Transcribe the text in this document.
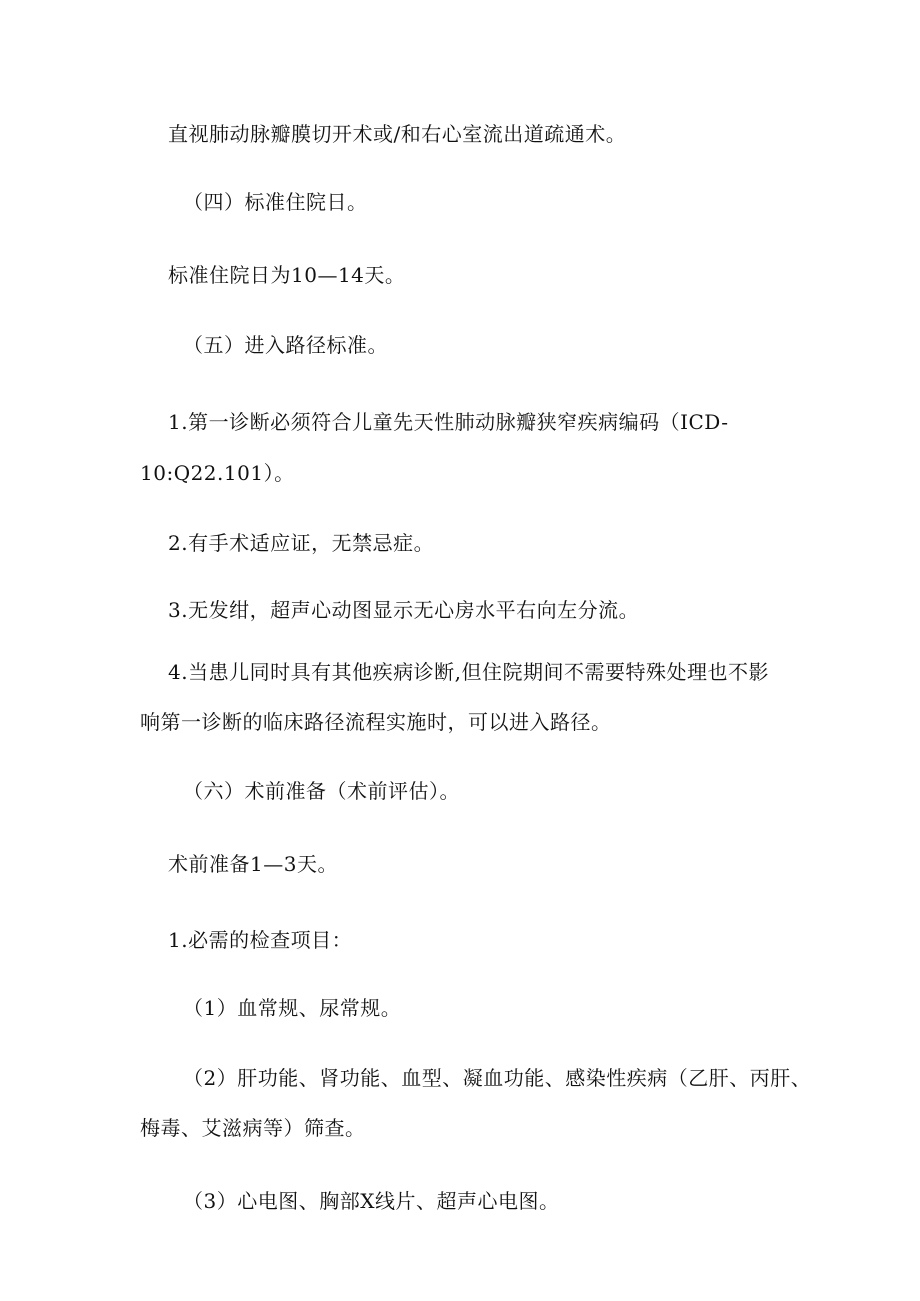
直视肺动脉瓣膜切开术或/和右心室流出道疏通术。
（四）标准住院日。
标准住院日为10—14天。
（五）进入路径标准。
1.第一诊断必须符合儿童先天性肺动脉瓣狭窄疾病编码（ICD-
10:Q22.101）。
2.有手术适应证，无禁忌症。
3.无发绀，超声心动图显示无心房水平右向左分流。
4.当患儿同时具有其他疾病诊断,但住院期间不需要特殊处理也不影
响第一诊断的临床路径流程实施时，可以进入路径。
（六）术前准备（术前评估）。
术前准备1—3天。
1.必需的检查项目：
（1）血常规、尿常规。
（2）肝功能、肾功能、血型、凝血功能、感染性疾病（乙肝、丙肝、
梅毒、艾滋病等）筛查。
（3）心电图、胸部X线片、超声心电图。
